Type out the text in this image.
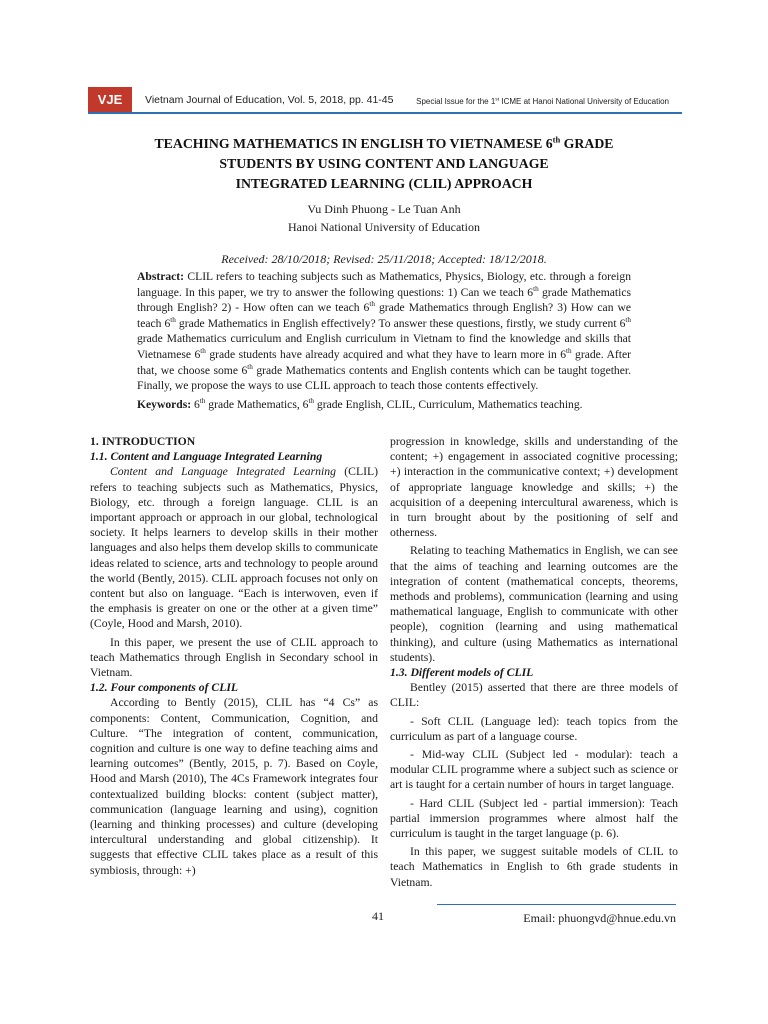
VJE	Vietnam Journal of Education, Vol. 5, 2018, pp. 41-45	Special Issue for the 1st ICME at Hanoi National University of Education
TEACHING MATHEMATICS IN ENGLISH TO VIETNAMESE 6th GRADE
STUDENTS BY USING CONTENT AND LANGUAGE
INTEGRATED LEARNING (CLIL) APPROACH
Vu Dinh Phuong - Le Tuan Anh
Hanoi National University of Education
Received: 28/10/2018; Revised: 25/11/2018; Accepted: 18/12/2018.

Abstract: CLIL refers to teaching subjects such as Mathematics, Physics, Biology, etc. through a foreign language. In this paper, we try to answer the following questions: 1) Can we teach 6th grade Mathematics through English? 2) - How often can we teach 6th grade Mathematics through English? 3) How can we teach 6th grade Mathematics in English effectively? To answer these questions, firstly, we study current 6th grade Mathematics curriculum and English curriculum in Vietnam to find the knowledge and skills that Vietnamese 6th grade students have already acquired and what they have to learn more in 6th grade. After that, we choose some 6th grade Mathematics contents and English contents which can be taught together. Finally, we propose the ways to use CLIL approach to teach those contents effectively.

Keywords: 6th grade Mathematics, 6th grade English, CLIL, Curriculum, Mathematics teaching.

1. INTRODUCTION
1.1. Content and Language Integrated Learning

Content and Language Integrated Learning (CLIL) refers to teaching subjects such as Mathematics, Physics, Biology, etc. through a foreign language. CLIL is an important approach or approach in our global, technological society. It helps learners to develop skills in their mother languages and also helps them develop skills to communicate ideas related to science, arts and technology to people around the world (Bently, 2015). CLIL approach focuses not only on content but also on language. “Each is interwoven, even if the emphasis is greater on one or the other at a given time” (Coyle, Hood and Marsh, 2010).

In this paper, we present the use of CLIL approach to teach Mathematics through English in Secondary school in Vietnam.

1.2. Four components of CLIL

According to Bently (2015), CLIL has “4 Cs” as components: Content, Communication, Cognition, and Culture. “The integration of content, communication, cognition and culture is one way to define teaching aims and learning outcomes” (Bently, 2015, p. 7). Based on Coyle, Hood and Marsh (2010), The 4Cs Framework integrates four contextualized building blocks: content (subject matter), communication (language learning and using), cognition (learning and thinking processes) and culture (developing intercultural understanding and global citizenship). It suggests that effective CLIL takes place as a result of this symbiosis, through: +)

progression in knowledge, skills and understanding of the content; +) engagement in associated cognitive processing; +) interaction in the communicative context; +) development of appropriate language knowledge and skills; +) the acquisition of a deepening intercultural awareness, which is in turn brought about by the positioning of self and otherness.

Relating to teaching Mathematics in English, we can see that the aims of teaching and learning outcomes are the integration of content (mathematical concepts, theorems, methods and problems), communication (learning and using mathematical language, English to communicate with other people), cognition (learning and using mathematical thinking), and culture (using Mathematics as international students).

1.3. Different models of CLIL

Bentley (2015) asserted that there are three models of CLIL:

- Soft CLIL (Language led): teach topics from the curriculum as part of a language course.

- Mid-way CLIL (Subject led - modular): teach a modular CLIL programme where a subject such as science or art is taught for a certain number of hours in target language.

- Hard CLIL (Subject led - partial immersion): Teach partial immersion programmes where almost half the curriculum is taught in the target language (p. 6).

In this paper, we suggest suitable models of CLIL to teach Mathematics in English to 6th grade students in Vietnam.

41	Email: phuongvd@hnue.edu.vn
